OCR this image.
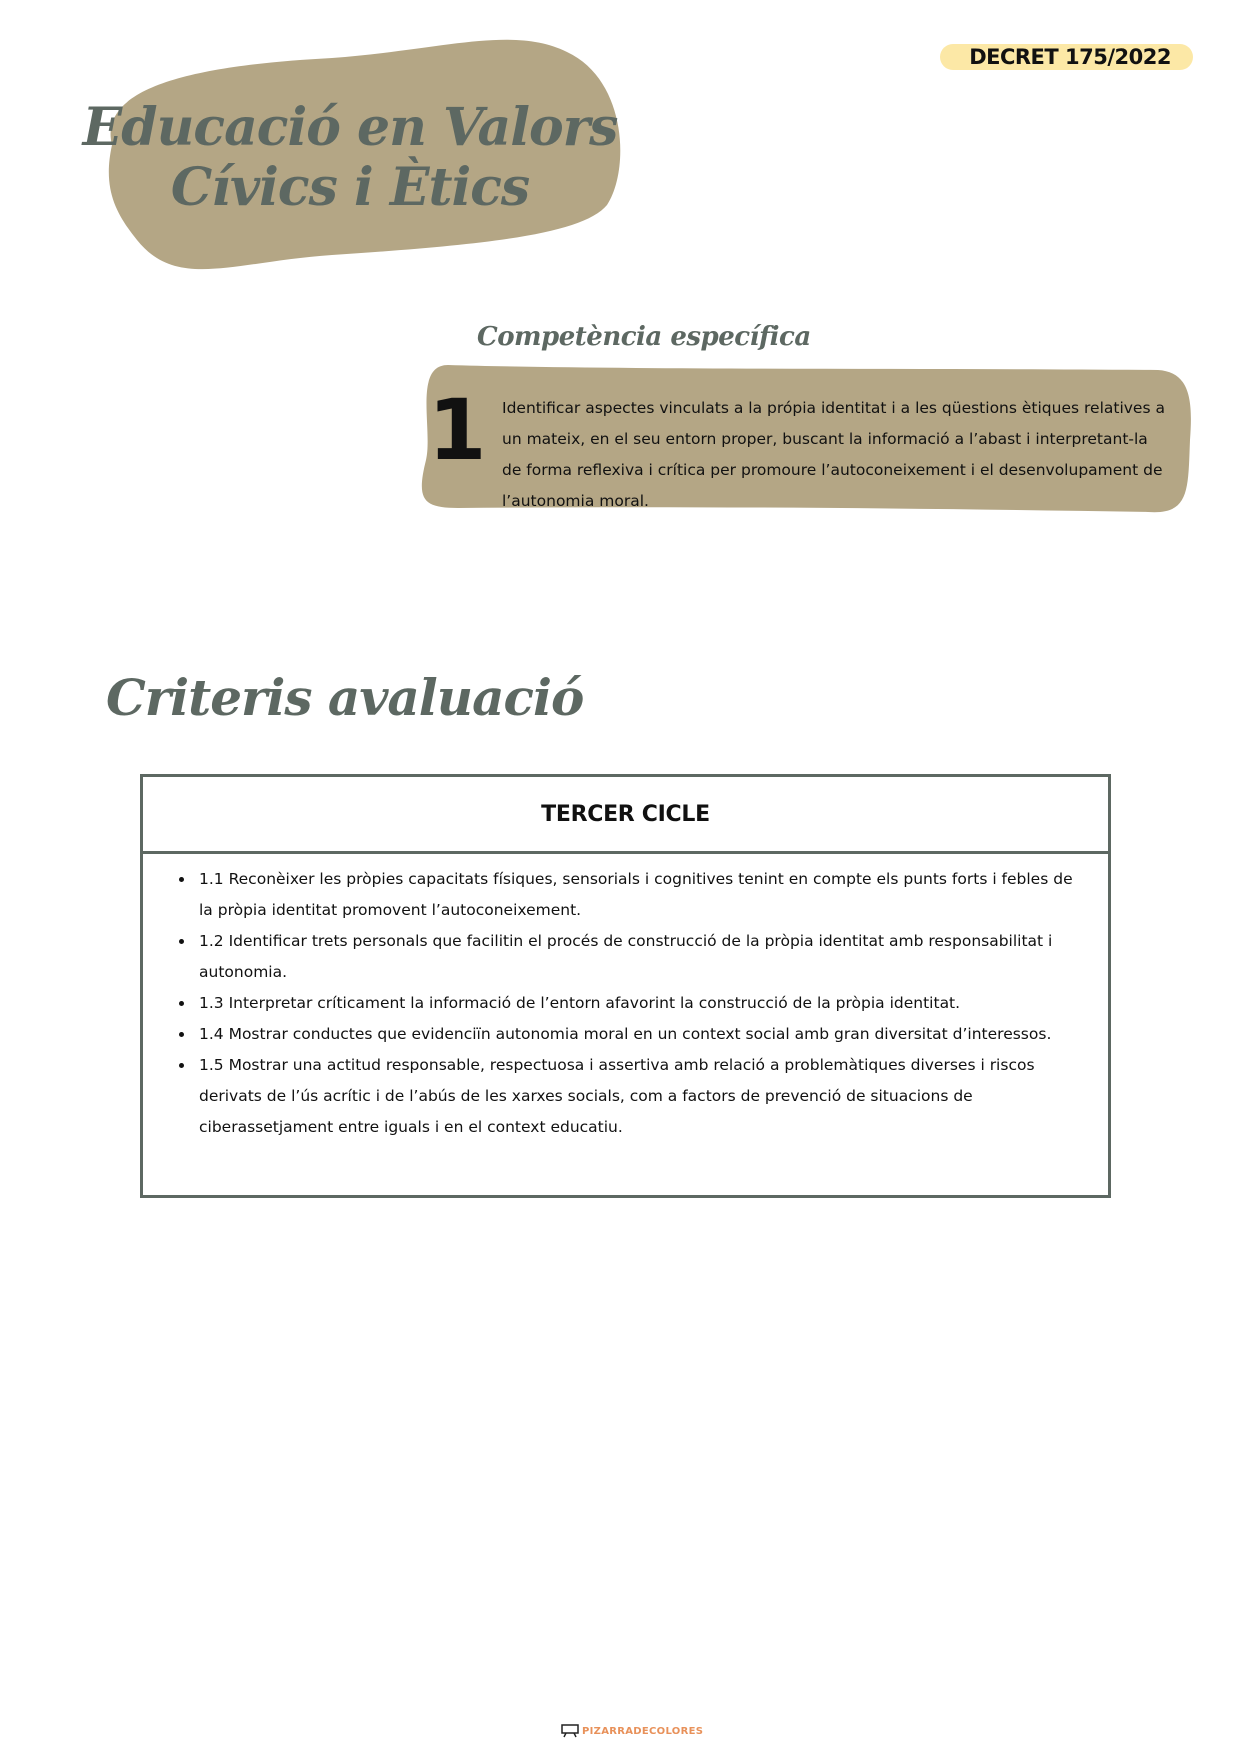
DECRET 175/2022
Educació en Valors
Cívics i Ètics
Competència específica
1 Identificar aspectes vinculats a la própia identitat i a les qüestions ètiques relatives a un mateix, en el seu entorn proper, buscant la informació a l’abast i interpretant-la de forma reflexiva i crítica per promoure l’autoconeixement i el desenvolupament de l’autonomia moral.

Criteris avaluació
TERCER CICLE
• 1.1 Reconèixer les pròpies capacitats físiques, sensorials i cognitives tenint en compte els punts forts i febles de la pròpia identitat promovent l’autoconeixement.
• 1.2 Identificar trets personals que facilitin el procés de construcció de la pròpia identitat amb responsabilitat i autonomia.
• 1.3 Interpretar críticament la informació de l’entorn afavorint la construcció de la pròpia identitat.
• 1.4 Mostrar conductes que evidenciïn autonomia moral en un context social amb gran diversitat d’interessos.
• 1.5 Mostrar una actitud responsable, respectuosa i assertiva amb relació a problemàtiques diverses i riscos derivats de l’ús acrític i de l’abús de les xarxes socials, com a factors de prevenció de situacions de ciberassetjament entre iguals i en el context educatiu.
PIZARRADECOLORES
